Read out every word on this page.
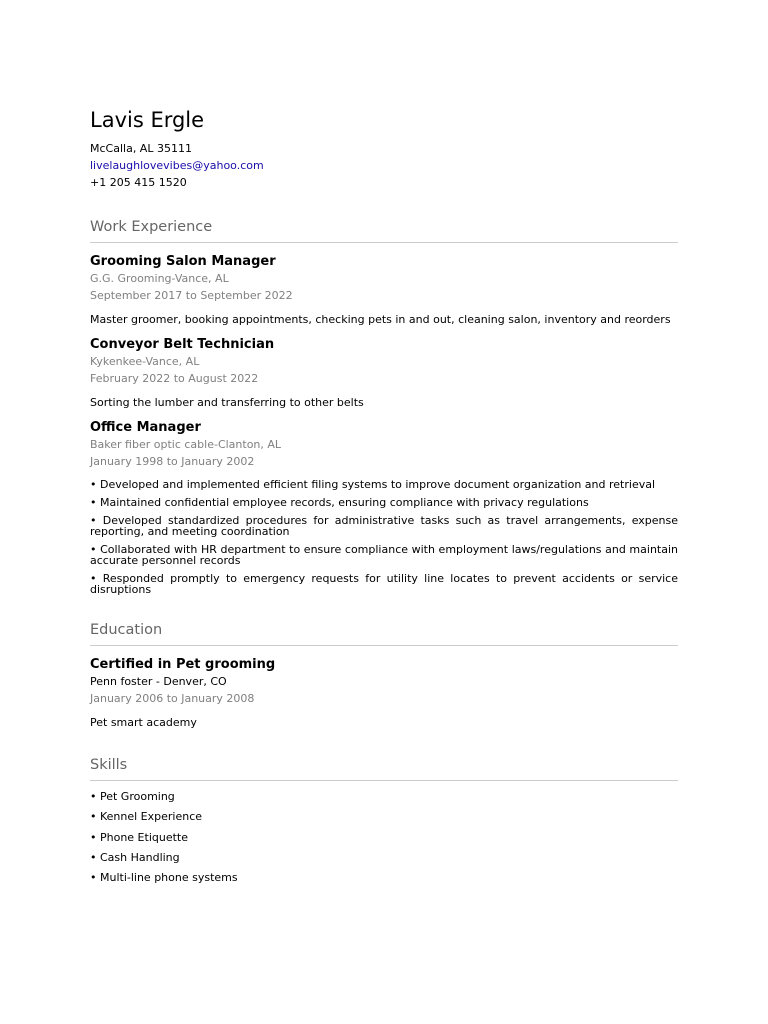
Lavis Ergle
McCalla, AL 35111
livelaughlovevibes@yahoo.com
+1 205 415 1520
Work Experience
Grooming Salon Manager
G.G. Grooming-Vance, AL
September 2017 to September 2022
Master groomer, booking appointments, checking pets in and out, cleaning salon, inventory and reorders
Conveyor Belt Technician
Kykenkee-Vance, AL
February 2022 to August 2022
Sorting the lumber and transferring to other belts
Office Manager
Baker fiber optic cable-Clanton, AL
January 1998 to January 2002
• Developed and implemented efficient filing systems to improve document organization and retrieval
• Maintained confidential employee records, ensuring compliance with privacy regulations
• Developed standardized procedures for administrative tasks such as travel arrangements, expense reporting, and meeting coordination
• Collaborated with HR department to ensure compliance with employment laws/regulations and maintain accurate personnel records
• Responded promptly to emergency requests for utility line locates to prevent accidents or service disruptions
Education
Certified in Pet grooming
Penn foster - Denver, CO
January 2006 to January 2008
Pet smart academy
Skills
• Pet Grooming
• Kennel Experience
• Phone Etiquette
• Cash Handling
• Multi-line phone systems
